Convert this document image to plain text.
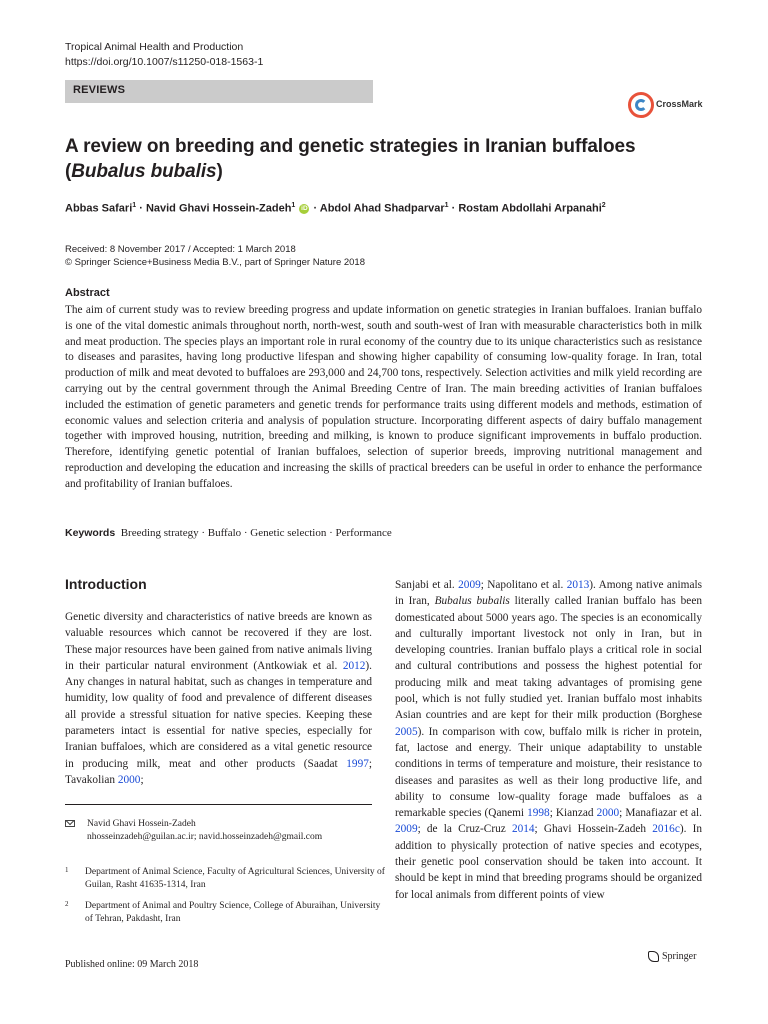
Tropical Animal Health and Production
https://doi.org/10.1007/s11250-018-1563-1
REVIEWS
CrossMark
A review on breeding and genetic strategies in Iranian buffaloes (Bubalus bubalis)
Abbas Safari$^1$ · Navid Ghavi Hossein-Zadeh$^1$ iD · Abdol Ahad Shadparvar$^1$ · Rostam Abdollahi Arpanahi$^2$
Received: 8 November 2017 / Accepted: 1 March 2018
© Springer Science+Business Media B.V., part of Springer Nature 2018
Abstract

The aim of current study was to review breeding progress and update information on genetic strategies in Iranian buffaloes. Iranian buffalo is one of the vital domestic animals throughout north, north-west, south and south-west of Iran with measurable characteristics both in milk and meat production. The species plays an important role in rural economy of the country due to its unique characteristics such as resistance to diseases and parasites, having long productive lifespan and showing higher capability of consuming low-quality forage. In Iran, total production of milk and meat devoted to buffaloes are 293,000 and 24,700 tons, respectively. Selection activities and milk yield recording are carrying out by the central government through the Animal Breeding Centre of Iran. The main breeding activities of Iranian buffaloes included the estimation of genetic parameters and genetic trends for performance traits using different models and methods, estimation of economic values and selection criteria and analysis of population structure. Incorporating different aspects of dairy buffalo management together with improved housing, nutrition, breeding and milking, is known to produce significant improvements in buffalo production. Therefore, identifying genetic potential of Iranian buffaloes, selection of superior breeds, improving nutritional management and reproduction and developing the education and increasing the skills of practical breeders can be useful in order to enhance the performance and profitability of Iranian buffaloes.

Keywords Breeding strategy · Buffalo · Genetic selection · Performance
Introduction

Genetic diversity and characteristics of native breeds are known as valuable resources which cannot be recovered if they are lost. These major resources have been gained from native animals living in their particular natural environment (Antkowiak et al. 2012). Any changes in natural habitat, such as changes in temperature and humidity, low quality of food and prevalence of different diseases all provide a stressful situation for native species. Keeping these parameters intact is essential for native species, especially for Iranian buffaloes, which are considered as a vital genetic resource in producing milk, meat and other products (Saadat 1997; Tavakolian 2000;

Sanjabi et al. 2009; Napolitano et al. 2013). Among native animals in Iran, Bubalus bubalis literally called Iranian buffalo has been domesticated about 5000 years ago. The species is an economically and culturally important livestock not only in Iran, but in developing countries. Iranian buffalo plays a critical role in social and cultural contributions and possess the highest potential for producing milk and meat taking advantages of promising gene pool, which is not fully studied yet. Iranian buffalo most inhabits Asian countries and are kept for their milk production (Borghese 2005). In comparison with cow, buffalo milk is richer in protein, fat, lactose and energy. Their unique adaptability to unstable conditions in terms of temperature and moisture, their resistance to diseases and parasites as well as their long productive life, and ability to consume low-quality forage made buffaloes as a remarkable species (Qanemi 1998; Kianzad 2000; Manafiazar et al. 2009; de la Cruz-Cruz 2014; Ghavi Hossein-Zadeh 2016c). In addition to physically protection of native species and ecotypes, their genetic pool conservation should be taken into account. It should be kept in mind that breeding programs should be organized for local animals from different points of view

Navid Ghavi Hossein-Zadeh
nhosseinzadeh@guilan.ac.ir; navid.hosseinzadeh@gmail.com
1 Department of Animal Science, Faculty of Agricultural Sciences, University of Guilan, Rasht 41635-1314, Iran
2 Department of Animal and Poultry Science, College of Aburaihan, University of Tehran, Pakdasht, Iran
Published online: 09 March 2018
Springer
